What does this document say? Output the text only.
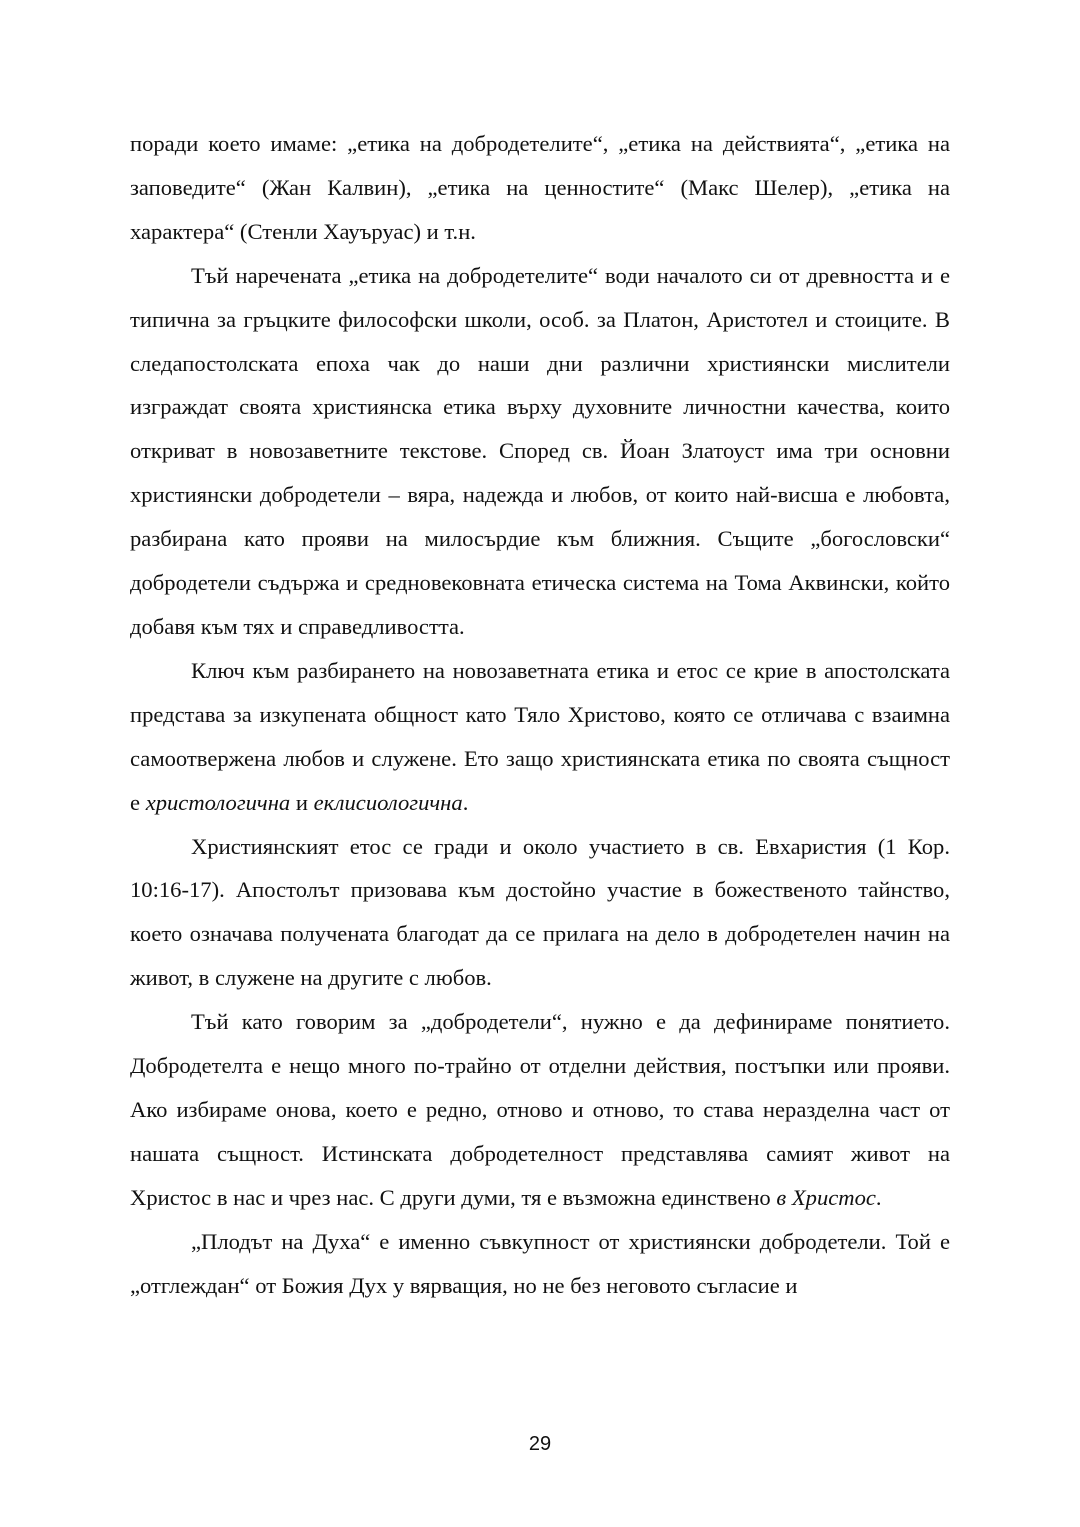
поради което имаме: „етика на добродетелите“, „етика на действията“, „етика на заповедите“ (Жан Калвин), „етика на ценностите“ (Макс Шелер), „етика на характера“ (Стенли Хауъруас) и т.н.

Тъй наречената „етика на добродетелите“ води началото си от древността и е типична за гръцките философски школи, особ. за Платон, Аристотел и стоиците. В следапостолската епоха чак до наши дни различни християнски мислители изграждат своята християнска етика върху духовните личностни качества, които откриват в новозаветните текстове. Според св. Йоан Златоуст има три основни християнски добродетели – вяра, надежда и любов, от които най-висша е любовта, разбирана като прояви на милосърдие към ближния. Същите „богословски“ добродетели съдържа и средновековната етическа система на Тома Аквински, който добавя към тях и справедливостта.

Ключ към разбирането на новозаветната етика и етос се крие в апостолската представа за изкупената общност като Тяло Христово, която се отличава с взаимна самоотвержена любов и служене. Ето защо християнската етика по своята същност е христологична и еклисиологична.

Християнският етос се гради и около участието в св. Евхаристия (1 Кор. 10:16-17). Апостолът призовава към достойно участие в божественото тайнство, което означава получената благодат да се прилага на дело в добродетелен начин на живот, в служене на другите с любов.

Тъй като говорим за „добродетели“, нужно е да дефинираме понятието. Добродетелта е нещо много по-трайно от отделни действия, постъпки или прояви. Ако избираме онова, което е редно, отново и отново, то става неразделна част от нашата същност. Истинската добродетелност представлява самият живот на Христос в нас и чрез нас. С други думи, тя е възможна единствено в Христос.

„Плодът на Духа“ е именно съвкупност от християнски добродетели. Той е „отглеждан“ от Божия Дух у вярващия, но не без неговото съгласие и

29
